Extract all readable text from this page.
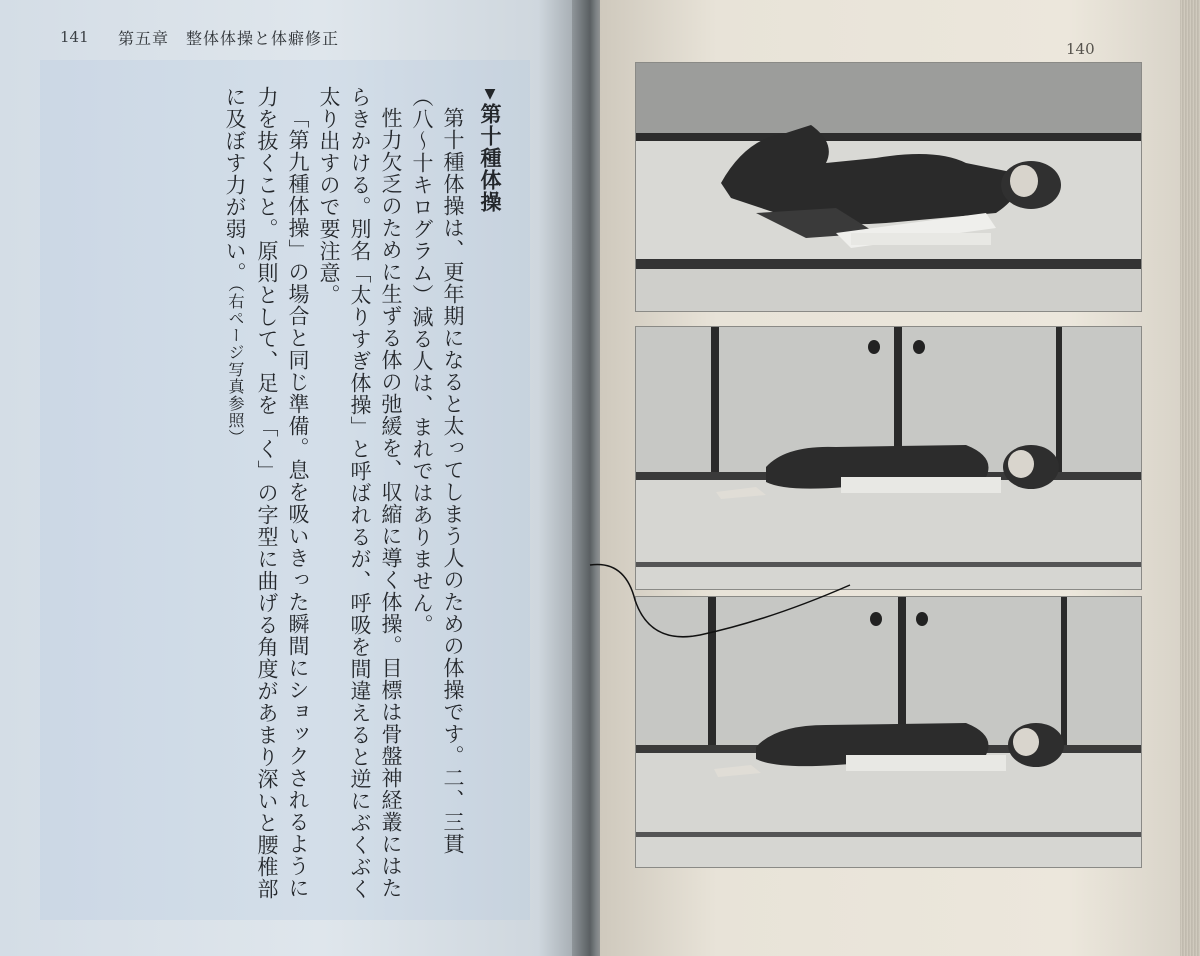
141 第五章　整体体操と体癖修正
▼第十種体操

第十種体操は、更年期になると太ってしまう人のための体操です。二、三貫（八〜十キログラム）減る人は、まれではありません。

性力欠乏のために生ずる体の弛緩を、収縮に導く体操。目標は骨盤神経叢にはたらきかける。別名「太りすぎ体操」と呼ばれるが、呼吸を間違えると逆にぶくぶく太り出すので要注意。

「第九種体操」の場合と同じ準備。息を吸いきった瞬間にショックされるように力を抜くこと。原則として、足を「く」の字型に曲げる角度があまり深いと腰椎部に及ぼす力が弱い。（右ページ写真参照）

140
